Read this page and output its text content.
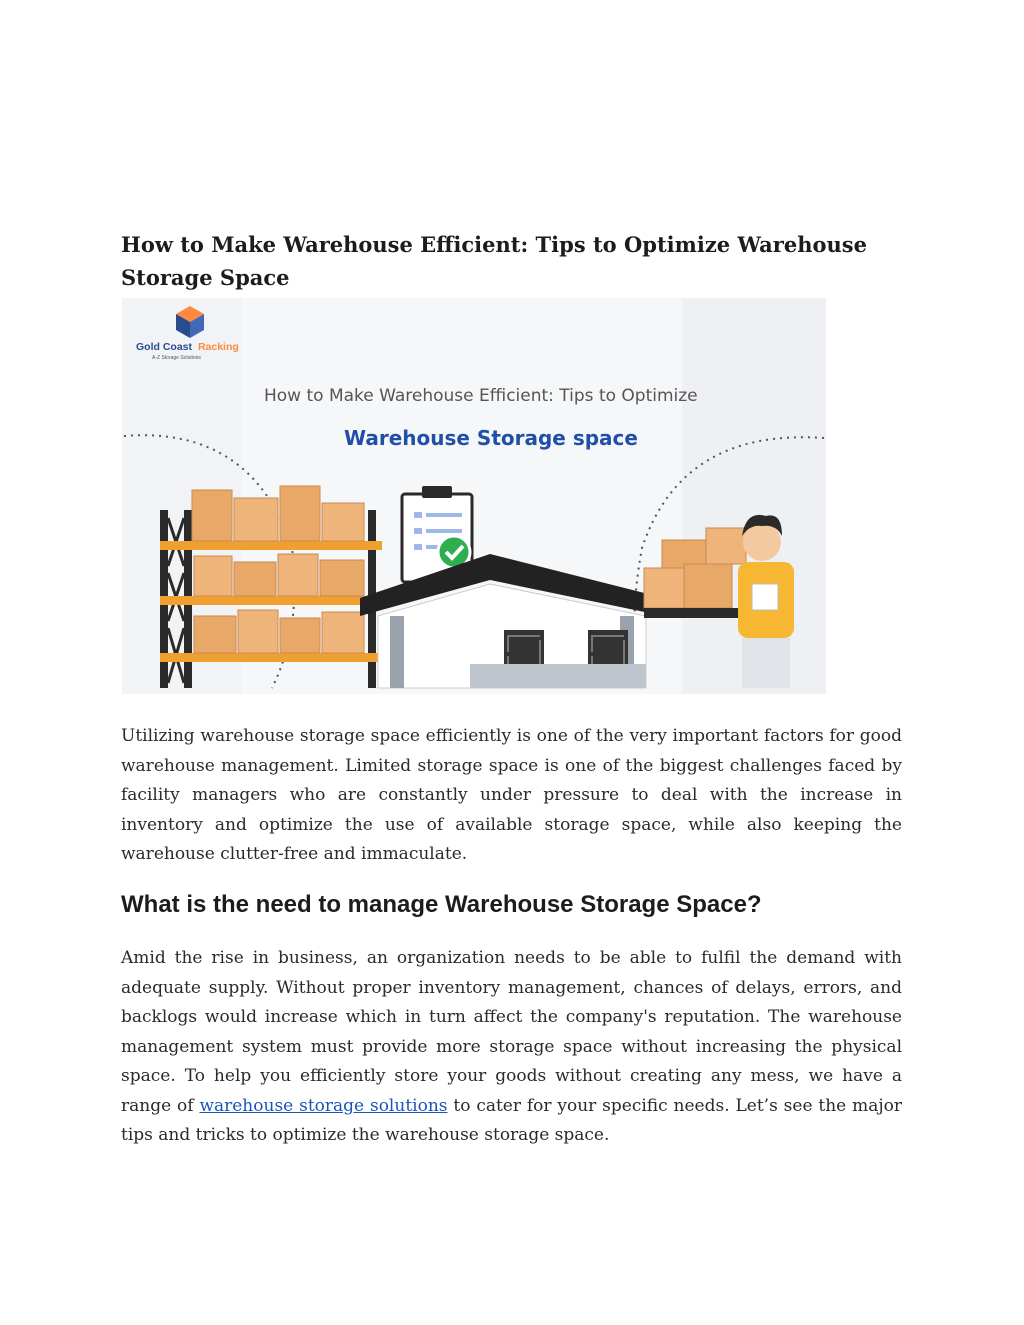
How to Make Warehouse Efficient: Tips to Optimize Warehouse Storage Space
Gold Coast Racking
A-Z Storage Solutions
How to Make Warehouse Efficient: Tips to Optimize
Warehouse Storage space

Utilizing warehouse storage space efficiently is one of the very important factors for good warehouse management. Limited storage space is one of the biggest challenges faced by facility managers who are constantly under pressure to deal with the increase in inventory and optimize the use of available storage space, while also keeping the warehouse clutter-free and immaculate.

What is the need to manage Warehouse Storage Space?

Amid the rise in business, an organization needs to be able to fulfil the demand with adequate supply. Without proper inventory management, chances of delays, errors, and backlogs would increase which in turn affect the company's reputation. The warehouse management system must provide more storage space without increasing the physical space. To help you efficiently store your goods without creating any mess, we have a range of warehouse storage solutions to cater for your specific needs. Let’s see the major tips and tricks to optimize the warehouse storage space.
